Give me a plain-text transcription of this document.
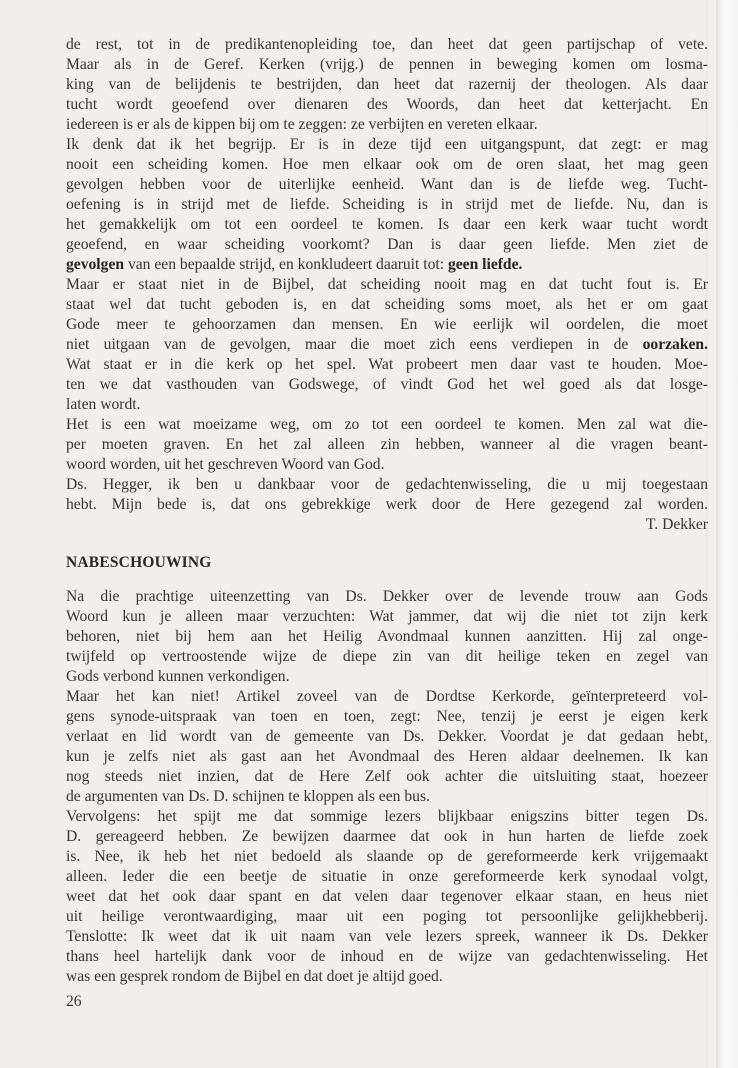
de rest, tot in de predikantenopleiding toe, dan heet dat geen partijschap of vete.
Maar als in de Geref. Kerken (vrijg.) de pennen in beweging komen om losma-
king van de belijdenis te bestrijden, dan heet dat razernij der theologen. Als daar
tucht wordt geoefend over dienaren des Woords, dan heet dat ketterjacht. En
iedereen is er als de kippen bij om te zeggen: ze verbijten en vereten elkaar.
Ik denk dat ik het begrijp. Er is in deze tijd een uitgangspunt, dat zegt: er mag
nooit een scheiding komen. Hoe men elkaar ook om de oren slaat, het mag geen
gevolgen hebben voor de uiterlijke eenheid. Want dan is de liefde weg. Tucht-
oefening is in strijd met de liefde. Scheiding is in strijd met de liefde. Nu, dan is
het gemakkelijk om tot een oordeel te komen. Is daar een kerk waar tucht wordt
geoefend, en waar scheiding voorkomt? Dan is daar geen liefde. Men ziet de
gevolgen van een bepaalde strijd, en konkludeert daaruit tot: geen liefde.
Maar er staat niet in de Bijbel, dat scheiding nooit mag en dat tucht fout is. Er
staat wel dat tucht geboden is, en dat scheiding soms moet, als het er om gaat
Gode meer te gehoorzamen dan mensen. En wie eerlijk wil oordelen, die moet
niet uitgaan van de gevolgen, maar die moet zich eens verdiepen in de oorzaken.
Wat staat er in die kerk op het spel. Wat probeert men daar vast te houden. Moe-
ten we dat vasthouden van Godswege, of vindt God het wel goed als dat losge-
laten wordt.
Het is een wat moeizame weg, om zo tot een oordeel te komen. Men zal wat die-
per moeten graven. En het zal alleen zin hebben, wanneer al die vragen beant-
woord worden, uit het geschreven Woord van God.
Ds. Hegger, ik ben u dankbaar voor de gedachtenwisseling, die u mij toegestaan
hebt. Mijn bede is, dat ons gebrekkige werk door de Here gezegend zal worden.
T. Dekker
NABESCHOUWING
Na die prachtige uiteenzetting van Ds. Dekker over de levende trouw aan Gods
Woord kun je alleen maar verzuchten: Wat jammer, dat wij die niet tot zijn kerk
behoren, niet bij hem aan het Heilig Avondmaal kunnen aanzitten. Hij zal onge-
twijfeld op vertroostende wijze de diepe zin van dit heilige teken en zegel van
Gods verbond kunnen verkondigen.
Maar het kan niet! Artikel zoveel van de Dordtse Kerkorde, geïnterpreteerd vol-
gens synode-uitspraak van toen en toen, zegt: Nee, tenzij je eerst je eigen kerk
verlaat en lid wordt van de gemeente van Ds. Dekker. Voordat je dat gedaan hebt,
kun je zelfs niet als gast aan het Avondmaal des Heren aldaar deelnemen. Ik kan
nog steeds niet inzien, dat de Here Zelf ook achter die uitsluiting staat, hoezeer
de argumenten van Ds. D. schijnen te kloppen als een bus.
Vervolgens: het spijt me dat sommige lezers blijkbaar enigszins bitter tegen Ds.
D. gereageerd hebben. Ze bewijzen daarmee dat ook in hun harten de liefde zoek
is. Nee, ik heb het niet bedoeld als slaande op de gereformeerde kerk vrijgemaakt
alleen. Ieder die een beetje de situatie in onze gereformeerde kerk synodaal volgt,
weet dat het ook daar spant en dat velen daar tegenover elkaar staan, en heus niet
uit heilige verontwaardiging, maar uit een poging tot persoonlijke gelijkhebberij.
Tenslotte: Ik weet dat ik uit naam van vele lezers spreek, wanneer ik Ds. Dekker
thans heel hartelijk dank voor de inhoud en de wijze van gedachtenwisseling. Het
was een gesprek rondom de Bijbel en dat doet je altijd goed.
26
